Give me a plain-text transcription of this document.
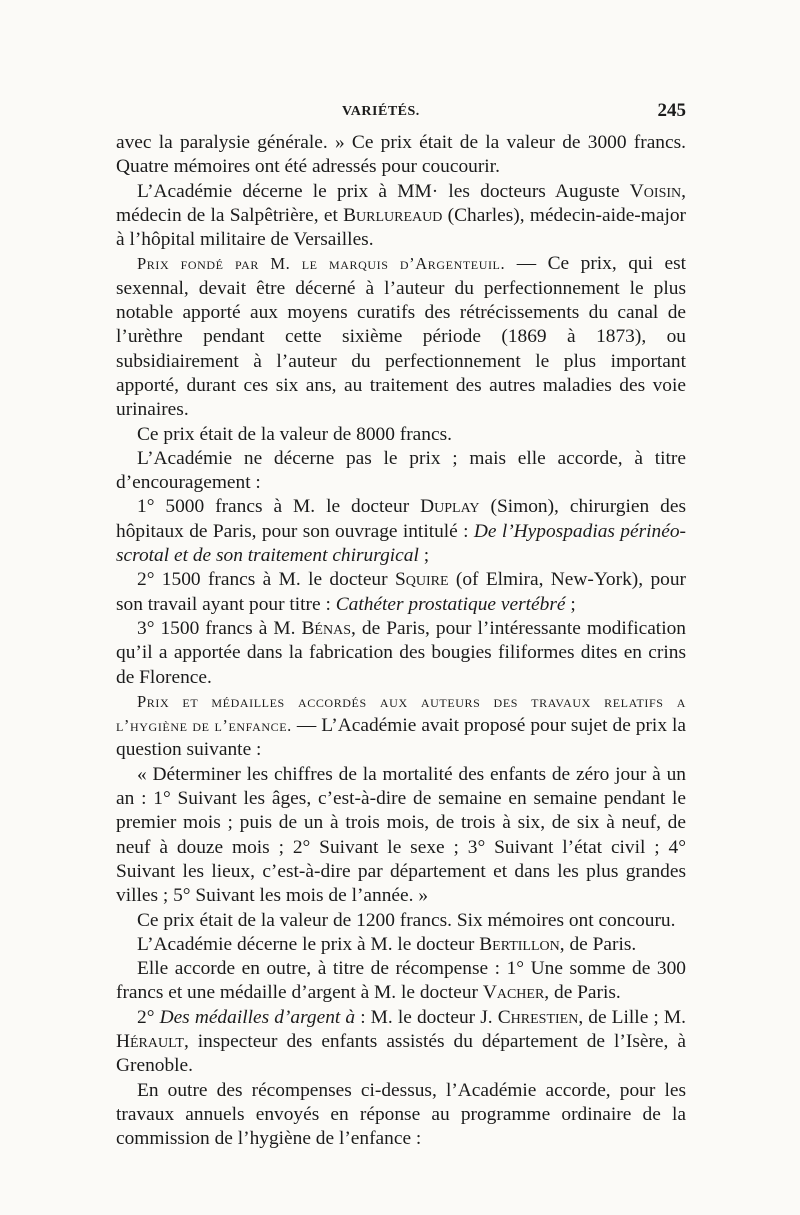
VARIÉTÉS.	245

avec la paralysie générale. » Ce prix était de la valeur de 3000 francs. Quatre mémoires ont été adressés pour coucourir.

L’Académie décerne le prix à MM· les docteurs Auguste Voisin, médecin de la Salpêtrière, et Burlureaud (Charles), médecin-aide-major à l’hôpital militaire de Versailles.

Prix fondé par M. le marquis d’Argenteuil. — Ce prix, qui est sexennal, devait être décerné à l’auteur du perfectionnement le plus notable apporté aux moyens curatifs des rétrécissements du canal de l’urèthre pendant cette sixième période (1869 à 1873), ou subsidiairement à l’auteur du perfectionnement le plus important apporté, durant ces six ans, au traitement des autres maladies des voie urinaires.

Ce prix était de la valeur de 8000 francs.

L’Académie ne décerne pas le prix ; mais elle accorde, à titre d’encouragement :

1° 5000 francs à M. le docteur Duplay (Simon), chirurgien des hôpitaux de Paris, pour son ouvrage intitulé : De l’Hypospadias périnéo-scrotal et de son traitement chirurgical ;

2° 1500 francs à M. le docteur Squire (of Elmira, New-York), pour son travail ayant pour titre : Cathéter prostatique vertébré ;

3° 1500 francs à M. Bénas, de Paris, pour l’intéressante modification qu’il a apportée dans la fabrication des bougies filiformes dites en crins de Florence.

Prix et médailles accordés aux auteurs des travaux relatifs a l’hygiène de l’enfance. — L’Académie avait proposé pour sujet de prix la question suivante :

« Déterminer les chiffres de la mortalité des enfants de zéro jour à un an : 1° Suivant les âges, c’est-à-dire de semaine en semaine pendant le premier mois ; puis de un à trois mois, de trois à six, de six à neuf, de neuf à douze mois ; 2° Suivant le sexe ; 3° Suivant l’état civil ; 4° Suivant les lieux, c’est-à-dire par département et dans les plus grandes villes ; 5° Suivant les mois de l’année. »

Ce prix était de la valeur de 1200 francs. Six mémoires ont concouru.

L’Académie décerne le prix à M. le docteur Bertillon, de Paris.

Elle accorde en outre, à titre de récompense : 1° Une somme de 300 francs et une médaille d’argent à M. le docteur Vacher, de Paris.

2° Des médailles d’argent à : M. le docteur J. Chrestien, de Lille ; M. Hérault, inspecteur des enfants assistés du département de l’Isère, à Grenoble.

En outre des récompenses ci-dessus, l’Académie accorde, pour les travaux annuels envoyés en réponse au programme ordinaire de la commission de l’hygiène de l’enfance :
